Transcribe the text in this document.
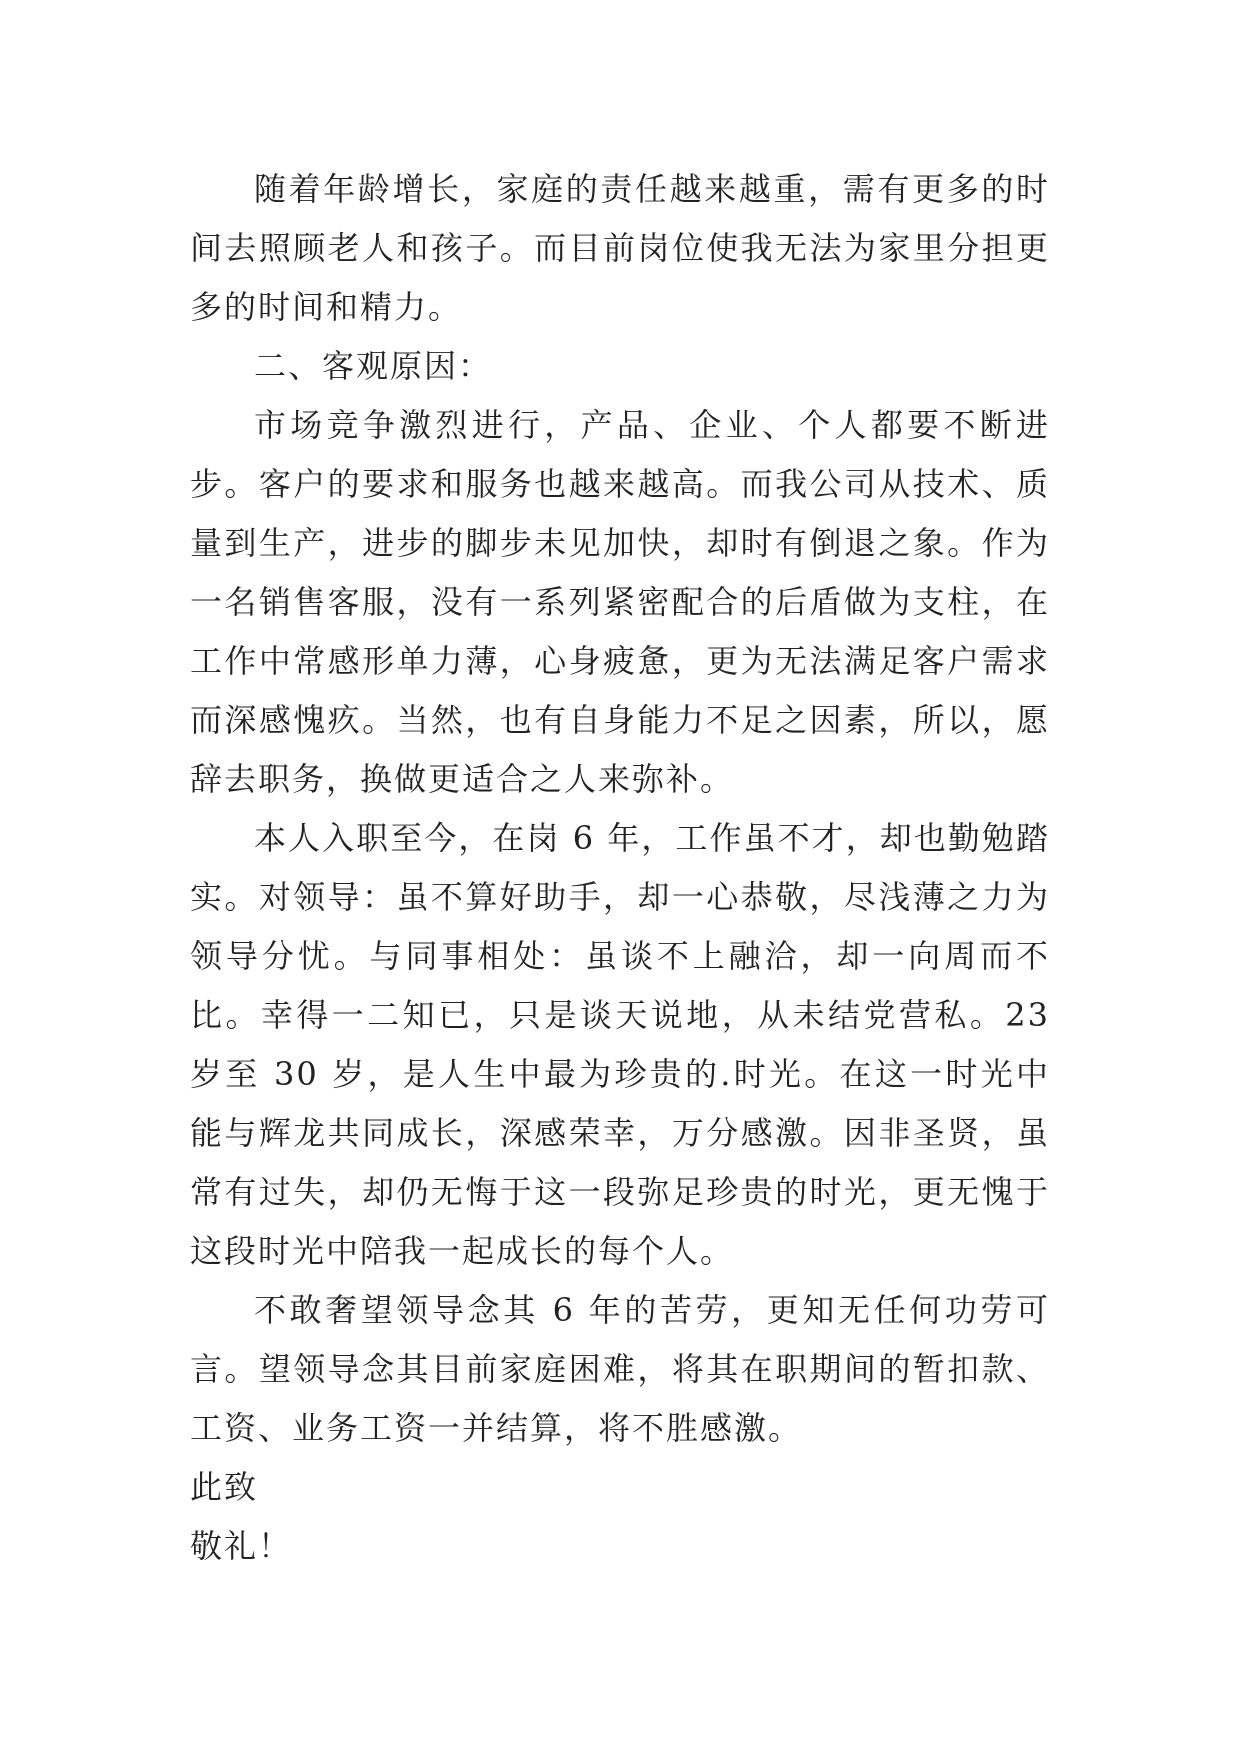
随着年龄增长，家庭的责任越来越重，需有更多的时间去照顾老人和孩子。而目前岗位使我无法为家里分担更多的时间和精力。

二、客观原因：

市场竞争激烈进行，产品、企业、个人都要不断进步。客户的要求和服务也越来越高。而我公司从技术、质量到生产，进步的脚步未见加快，却时有倒退之象。作为一名销售客服，没有一系列紧密配合的后盾做为支柱，在工作中常感形单力薄，心身疲惫，更为无法满足客户需求而深感愧疚。当然，也有自身能力不足之因素，所以，愿辞去职务，换做更适合之人来弥补。

本人入职至今，在岗 6 年，工作虽不才，却也勤勉踏实。对领导：虽不算好助手，却一心恭敬，尽浅薄之力为领导分忧。与同事相处：虽谈不上融洽，却一向周而不比。幸得一二知已，只是谈天说地，从未结党营私。23 岁至 30 岁，是人生中最为珍贵的.时光。在这一时光中能与辉龙共同成长，深感荣幸，万分感激。因非圣贤，虽常有过失，却仍无悔于这一段弥足珍贵的时光，更无愧于这段时光中陪我一起成长的每个人。

不敢奢望领导念其 6 年的苦劳，更知无任何功劳可言。望领导念其目前家庭困难，将其在职期间的暂扣款、工资、业务工资一并结算，将不胜感激。

此致

敬礼！
